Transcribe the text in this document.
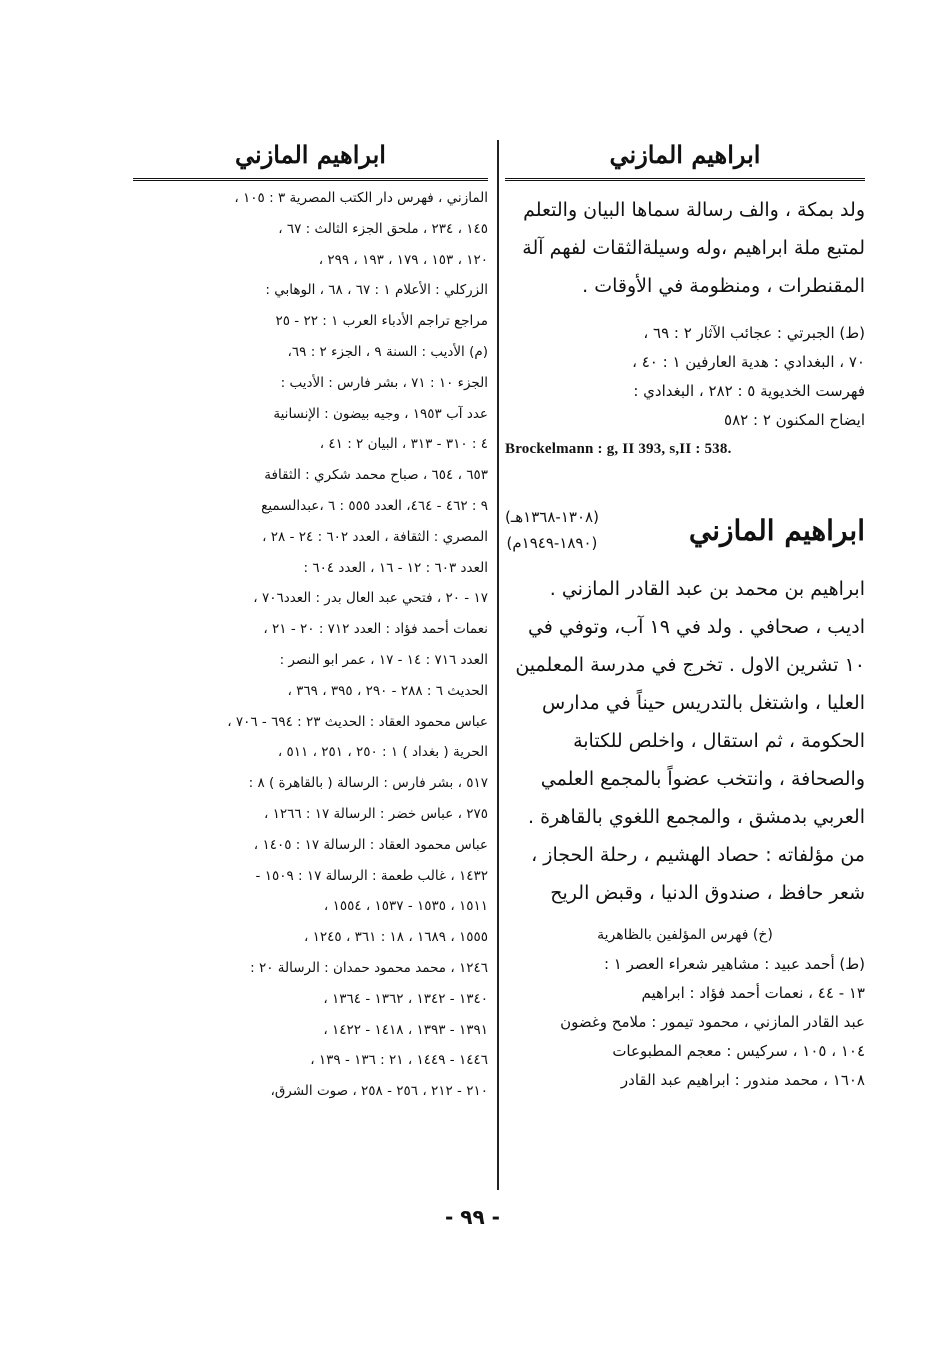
ابراهيم المازني
ولد بمكة ، والف رسالة سماها البيان والتعلم
لمتبع ملة ابراهيم ،وله وسيلةالثقات لفهم آلة
المقنطرات ، ومنظومة في الأوقات .
(ط) الجبرتي : عجائب الآثار ٢ : ٦٩ ،
٧٠ ، البغدادي : هدية العارفين ١ : ٤٠ ،
فهرست الخديوية ٥ : ٢٨٢ ، البغدادي :
ايضاح المكنون ٢ : ٥٨٢
Brockelmann : g, II 393, s,II : 538.
ابراهيم المازني
(١٣٠٨-١٣٦٨هـ)
(١٨٩٠-١٩٤٩م)
ابراهيم بن محمد بن عبد القادر المازني .
اديب ، صحافي . ولد في ١٩ آب، وتوفي في
١٠ تشرين الاول . تخرج في مدرسة المعلمين
العليا ، واشتغل بالتدريس حيناً في مدارس
الحكومة ، ثم استقال ، واخلص للكتابة
والصحافة ، وانتخب عضواً بالمجمع العلمي
العربي بدمشق ، والمجمع اللغوي بالقاهرة .
من مؤلفاته : حصاد الهشيم ، رحلة الحجاز ،
شعر حافظ ، صندوق الدنيا ، وقبض الريح
(خ) فهرس المؤلفين بالظاهرية
(ط) أحمد عبيد : مشاهير شعراء العصر ١ :
١٣ - ٤٤ ، نعمات أحمد فؤاد : ابراهيم
عبد القادر المازني ، محمود تيمور : ملامح وغضون
١٠٤ ، ١٠٥ ، سركيس : معجم المطبوعات
١٦٠٨ ، محمد مندور : ابراهيم عبد القادر
ابراهيم المازني
المازني ، فهرس دار الكتب المصرية ٣ : ١٠٥ ،
١٤٥ ، ٢٣٤ ، ملحق الجزء الثالث : ٦٧ ،
١٢٠ ، ١٥٣ ، ١٧٩ ، ١٩٣ ، ٢٩٩ ،
الزركلي : الأعلام ١ : ٦٧ ، ٦٨ ، الوهابي :
مراجع تراجم الأدباء العرب ١ : ٢٢ - ٢٥
(م) الأديب : السنة ٩ ، الجزء ٢ : ٦٩،
الجزء ١٠ : ٧١ ، بشر فارس : الأديب :
عدد آب ١٩٥٣ ، وجيه بيضون : الإنسانية
٤ : ٣١٠ - ٣١٣ ، البيان ٢ : ٤١ ،
٦٥٣ ، ٦٥٤ ، صباح محمد شكري : الثقافة
٩ : ٤٦٢ - ٤٦٤، العدد ٥٥٥ : ٦ ،عبدالسميع
المصري : الثقافة ، العدد ٦٠٢ : ٢٤ - ٢٨ ،
العدد ٦٠٣ : ١٢ - ١٦ ، العدد ٦٠٤ :
١٧ - ٢٠ ، فتحي عبد العال بدر : العدد٧٠٦ ،
نعمات أحمد فؤاد : العدد ٧١٢ : ٢٠ - ٢١ ،
العدد ٧١٦ : ١٤ - ١٧ ، عمر ابو النصر :
الحديث ٦ : ٢٨٨ - ٢٩٠ ، ٣٩٥ ، ٣٦٩ ،
عباس محمود العقاد : الحديث ٢٣ : ٦٩٤ - ٧٠٦ ،
الحرية ( بغداد ) ١ : ٢٥٠ ، ٢٥١ ، ٥١١ ،
٥١٧ ، بشر فارس : الرسالة ( بالقاهرة ) ٨ :
٢٧٥ ، عباس خضر : الرسالة ١٧ : ١٢٦٦ ،
عباس محمود العقاد : الرسالة ١٧ : ١٤٠٥ ،
١٤٣٢ ، غالب طعمة : الرسالة ١٧ : ١٥٠٩ -
١٥١١ ، ١٥٣٥ - ١٥٣٧ ، ١٥٥٤ ،
١٥٥٥ ، ١٦٨٩ ، ١٨ : ٣٦١ ، ١٢٤٥ ،
١٢٤٦ ، محمد محمود حمدان : الرسالة ٢٠ :
١٣٤٠ - ١٣٤٢ ، ١٣٦٢ - ١٣٦٤ ،
١٣٩١ - ١٣٩٣ ، ١٤١٨ - ١٤٢٢ ،
١٤٤٦ - ١٤٤٩ ، ٢١ : ١٣٦ - ١٣٩ ،
٢١٠ - ٢١٢ ، ٢٥٦ - ٢٥٨ ، صوت الشرق،
- ٩٩ -
